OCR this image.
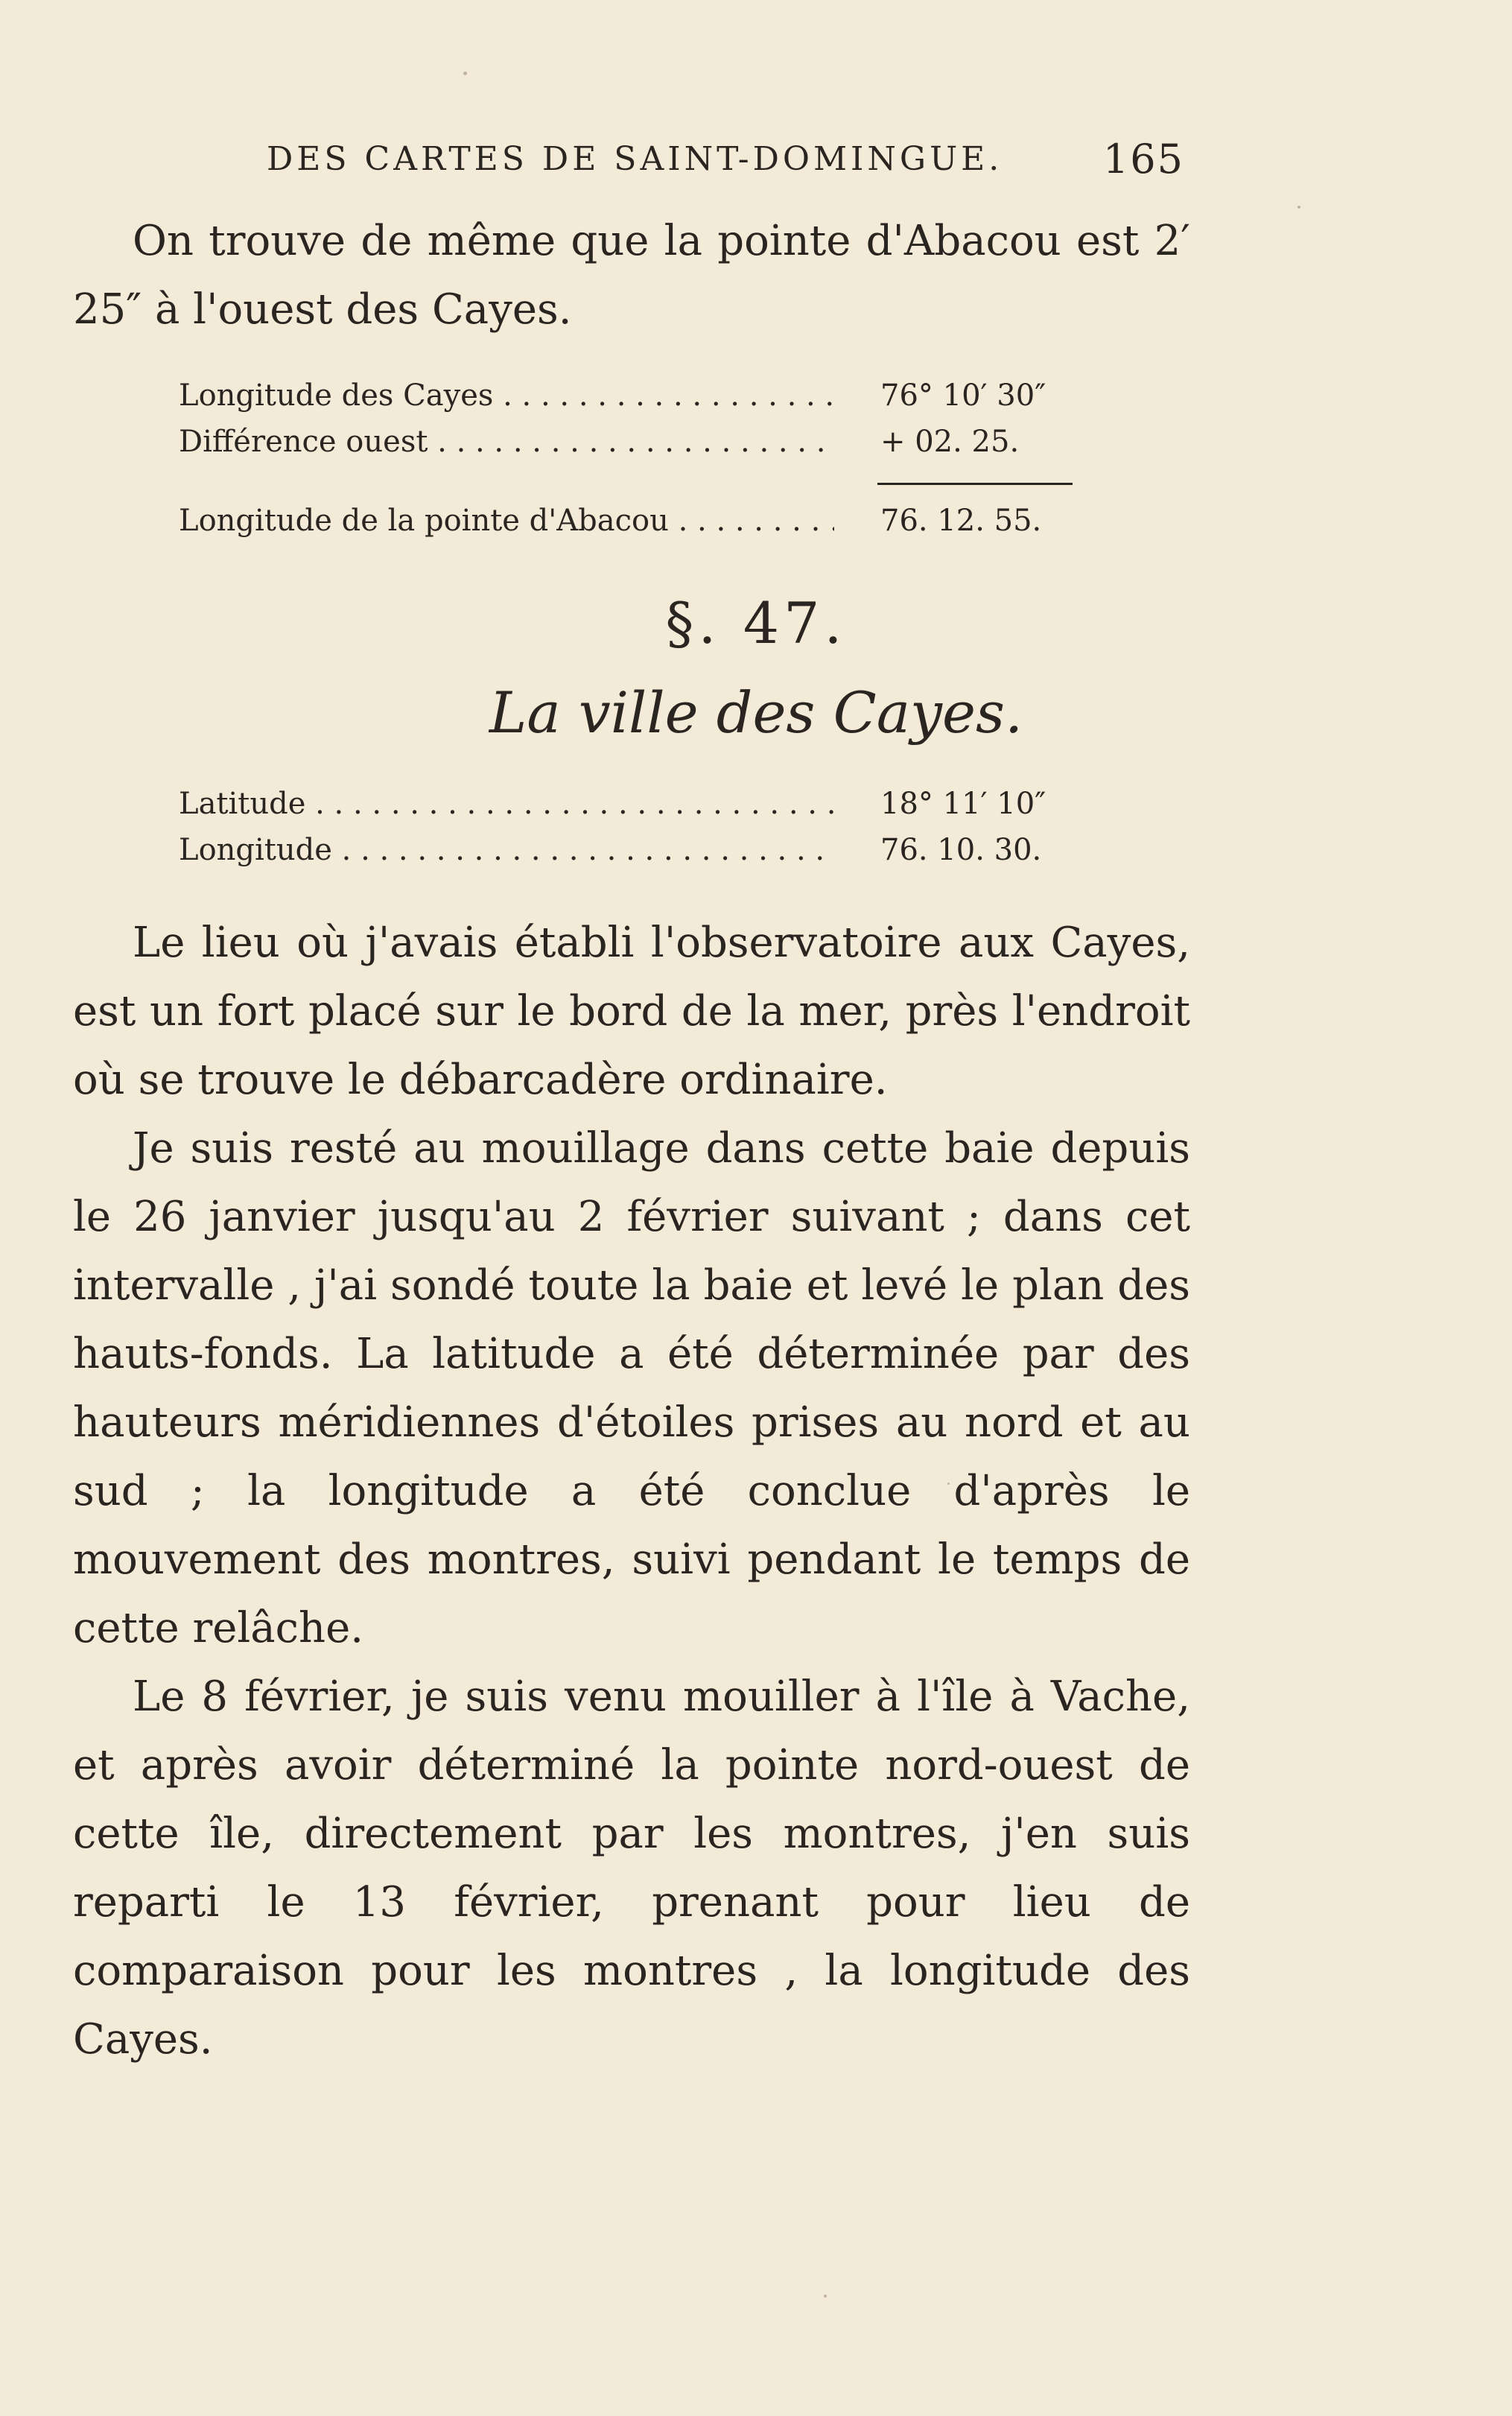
DES CARTES DE SAINT-DOMINGUE. 165
On trouve de même que la pointe d'Abacou est 2′ 25″ à l'ouest des Cayes.
Longitude des Cayes . . .	76° 10′ 30″
Différence ouest . . .	+ 02. 25.
Longitude de la pointe d'Abacou . . .	76. 12. 55.
§. 47.
La ville des Cayes.
Latitude . . .	18° 11′ 10″
Longitude . . .	76. 10. 30.
Le lieu où j'avais établi l'observatoire aux Cayes, est un fort placé sur le bord de la mer, près l'endroit où se trouve le débarcadère ordinaire.
Je suis resté au mouillage dans cette baie depuis le 26 janvier jusqu'au 2 février suivant ; dans cet intervalle , j'ai sondé toute la baie et levé le plan des hauts-fonds. La latitude a été déterminée par des hauteurs méridiennes d'étoiles prises au nord et au sud ; la longitude a été conclue d'après le mouvement des montres, suivi pendant le temps de cette relâche.
Le 8 février, je suis venu mouiller à l'île à Vache, et après avoir déterminé la pointe nord-ouest de cette île, directement par les montres, j'en suis reparti le 13 février, prenant pour lieu de comparaison pour les montres , la longitude des Cayes.
